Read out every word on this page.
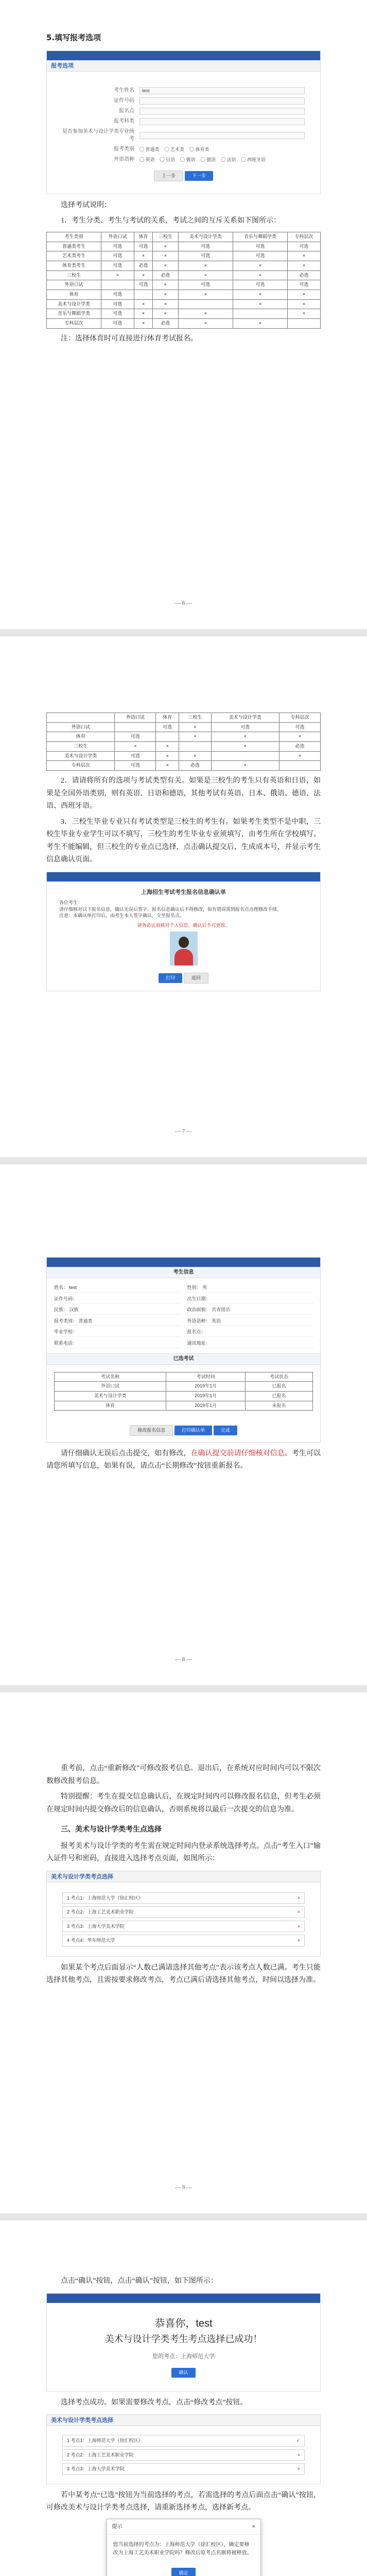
5.填写报考选项
报考选项
考生姓名	test
证件号码
报名点
报考科类
是否参加美术与设计学类专业统考
报考类别	◯ 普通类 ◯ 艺术类 ◯ 体育类
外语语种	◯ 英语 ◯ 日语 ◯ 俄语 ◯ 德语 ◯ 法语 ◯ 西班牙语
上一步	下一步

选择考试说明：

1．考生分类、考生与考试的关系，考试之间的互斥关系如下图所示：

考生类别	外语口试	体育	三校生	美术与设计学类	音乐与舞蹈学类	专科层次
普通类考生	可选	可选	×	可选	可选	可选
艺术类考生	可选	×	×	可选	可选	×
体育类考生	可选	必选	×	×	×	×
三校生	×	×	必选	×	×	必选
外语口试		可选	×	可选	可选	可选
体育	可选		×	×	×	×
美术与设计学类	可选	×	×		×	×
音乐与舞蹈学类	可选	×	×	×		×
专科层次	可选	×	必选	×	×	

注：选择体育时可直接进行体育考试报名。

— 6 —
	外语口试	体育	三校生	美术与设计学类	专科层次
外语口试		可选	×	可选	可选
体育	可选		×	×	×
三校生	×	×		×	必选
美术与设计学类	可选	×	×		×
专科层次	可选	×	必选	×	

2．请请将所有的选项与考试类型有关。如果是三校生的考生只有英语和日语，如果是全国外语类别，则有英语、日语和德语，其他考试有英语、日本、俄语、德语、法语、西班牙语。

3．三校生毕业专业只有考试类型是三校生的考生有。如果考生类型不是中职，三校生毕业专业学生可以不填写，三校生的考生毕业专业须填写，由考生所在学校填写。考生不能编辑，但三校生的专业点已选择，点击确认提交后，生成成本号，并显示考生信息确认页面。

上海招生考试考生报名信息确认单
各位考生：
请仔细核对以下报名信息，确认无误后签字。报名信息确认后不得修改，如有错误需到报名点办理修改手续。
注意：本确认单打印后，由考生本人签字确认，交至报名点。
请务必认真核对个人信息，确认后不可更改。
打印	返回
— 7 —
考生信息
姓名： test	性别： 男
证件号码：	出生日期：
民族： 汉族	政治面貌： 共青团员
报考类别： 普通类	外语语种： 英语
毕业学校：	报名点：
联系电话：	通讯地址：
已选考试
考试名称	考试时间	考试状态
外语口试	2019年1月	已报名
美术与设计学类	2019年1月	已报名
体育	2019年1月	未报名
修改报名信息	打印确认单	完成

请仔细确认无误后点击提交，如有修改，在确认提交前请仔细核对信息。考生可以请您所填写信息，如果有误，请点击“长期修改”按钮重新报名。

— 8 —

重考前，点击“重新修改”可修改报考信息。退出后，在系统对应时间内可以不限次数修改报考信息。

特别提醒：考生在提交信息确认后，在规定时间内可以修改报名信息，但考生必须在规定时间内提交修改后的信息确认，否则系统将以最后一次提交的信息为准。

三、美术与设计学类考生点选择

报考美术与设计学类的考生需在规定时间内登录系统选择考点。点击“考生入口”输入证件号和密码，直接进入选择考点页面，如图所示：

美术与设计学类考点选择
1 考点1：上海师范大学（徐汇校区）	×
2 考点2：上海工艺美术职业学院	×
3 考点3：上海大学美术学院	×
4 考点4：华东师范大学	×

如果某个考点后面显示“人数已满请选择其他考点”表示该考点人数已满。考生只能选择其他考点，且需按要求修改考点，考点已满后请选择其他考点，时间以选择为准。

— 9 —

点击“确认”按钮，点击“确认”按钮，如下图所示：

恭喜你，test
美术与设计学类考生考点选择已成功！
您的考点：上海师范大学
确认

选择考点成功。如果需要修改考点，点击“修改考点”按钮。

美术与设计学类考点选择
1 考点1：上海师范大学（徐汇校区）	✓
2 考点2：上海工艺美术职业学院	×
3 考点3：上海大学美术学院	×

若中某考点“已选”按钮为当前选择的考点，若需选择的考点后面点击“确认”按钮，可修改美术与设计学类考点选择，请重新选择考点，选择新考点。

提示	×
您当前选择的考点为：上海师范大学（徐汇校区），确定要修改为上海工艺美术职业学院吗？修改后原考点名额将被释放。
确定
